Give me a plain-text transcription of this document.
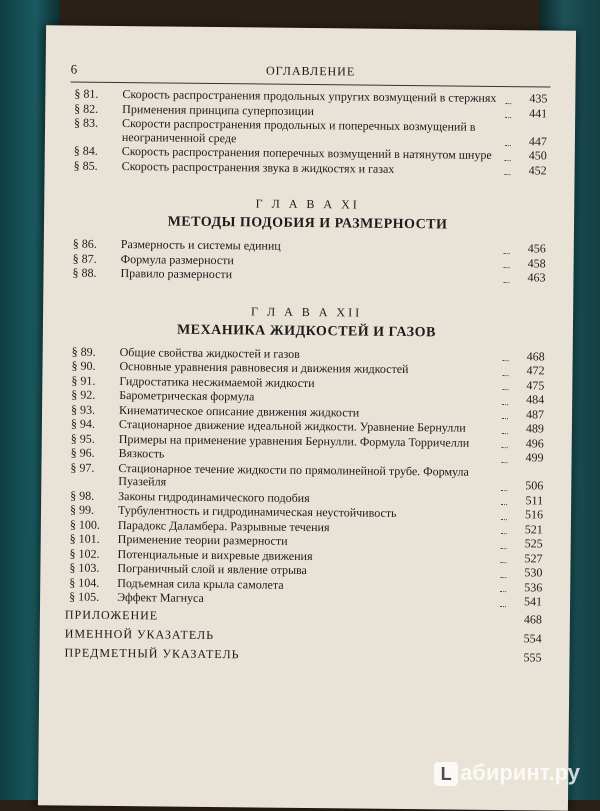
6	ОГЛАВЛЕНИЕ
§ 81. Скорость распространения продольных упругих возмущений в стержнях	435
§ 82. Применения принципа суперпозиции	441
§ 83. Скорости распространения продольных и поперечных возмущений в неограниченной среде	447
§ 84. Скорость распространения поперечных возмущений в натянутом шнуре	450
§ 85. Скорость распространения звука в жидкостях и газах	452
Г Л А В А XI
МЕТОДЫ ПОДОБИЯ И РАЗМЕРНОСТИ
§ 86. Размерность и системы единиц	456
§ 87. Формула размерности	458
§ 88. Правило размерности	463
Г Л А В А XII
МЕХАНИКА ЖИДКОСТЕЙ И ГАЗОВ
§ 89. Общие свойства жидкостей и газов	468
§ 90. Основные уравнения равновесия и движения жидкостей	472
§ 91. Гидростатика несжимаемой жидкости	475
§ 92. Барометрическая формула	484
§ 93. Кинематическое описание движения жидкости	487
§ 94. Стационарное движение идеальной жидкости. Уравнение Бернулли	489
§ 95. Примеры на применение уравнения Бернулли. Формула Торричелли	496
§ 96. Вязкость	499
§ 97. Стационарное течение жидкости по прямолинейной трубе. Формула Пуазейля	506
§ 98. Законы гидродинамического подобия	511
§ 99. Турбулентность и гидродинамическая неустойчивость	516
§ 100. Парадокс Даламбера. Разрывные течения	521
§ 101. Применение теории размерности	525
§ 102. Потенциальные и вихревые движения	527
§ 103. Пограничный слой и явление отрыва	530
§ 104. Подъемная сила крыла самолета	536
§ 105. Эффект Магнуса	541
ПРИЛОЖЕНИЕ	468
ИМЕННОЙ УКАЗАТЕЛЬ	554
ПРЕДМЕТНЫЙ УКАЗАТЕЛЬ	555
L абиринт.ру
